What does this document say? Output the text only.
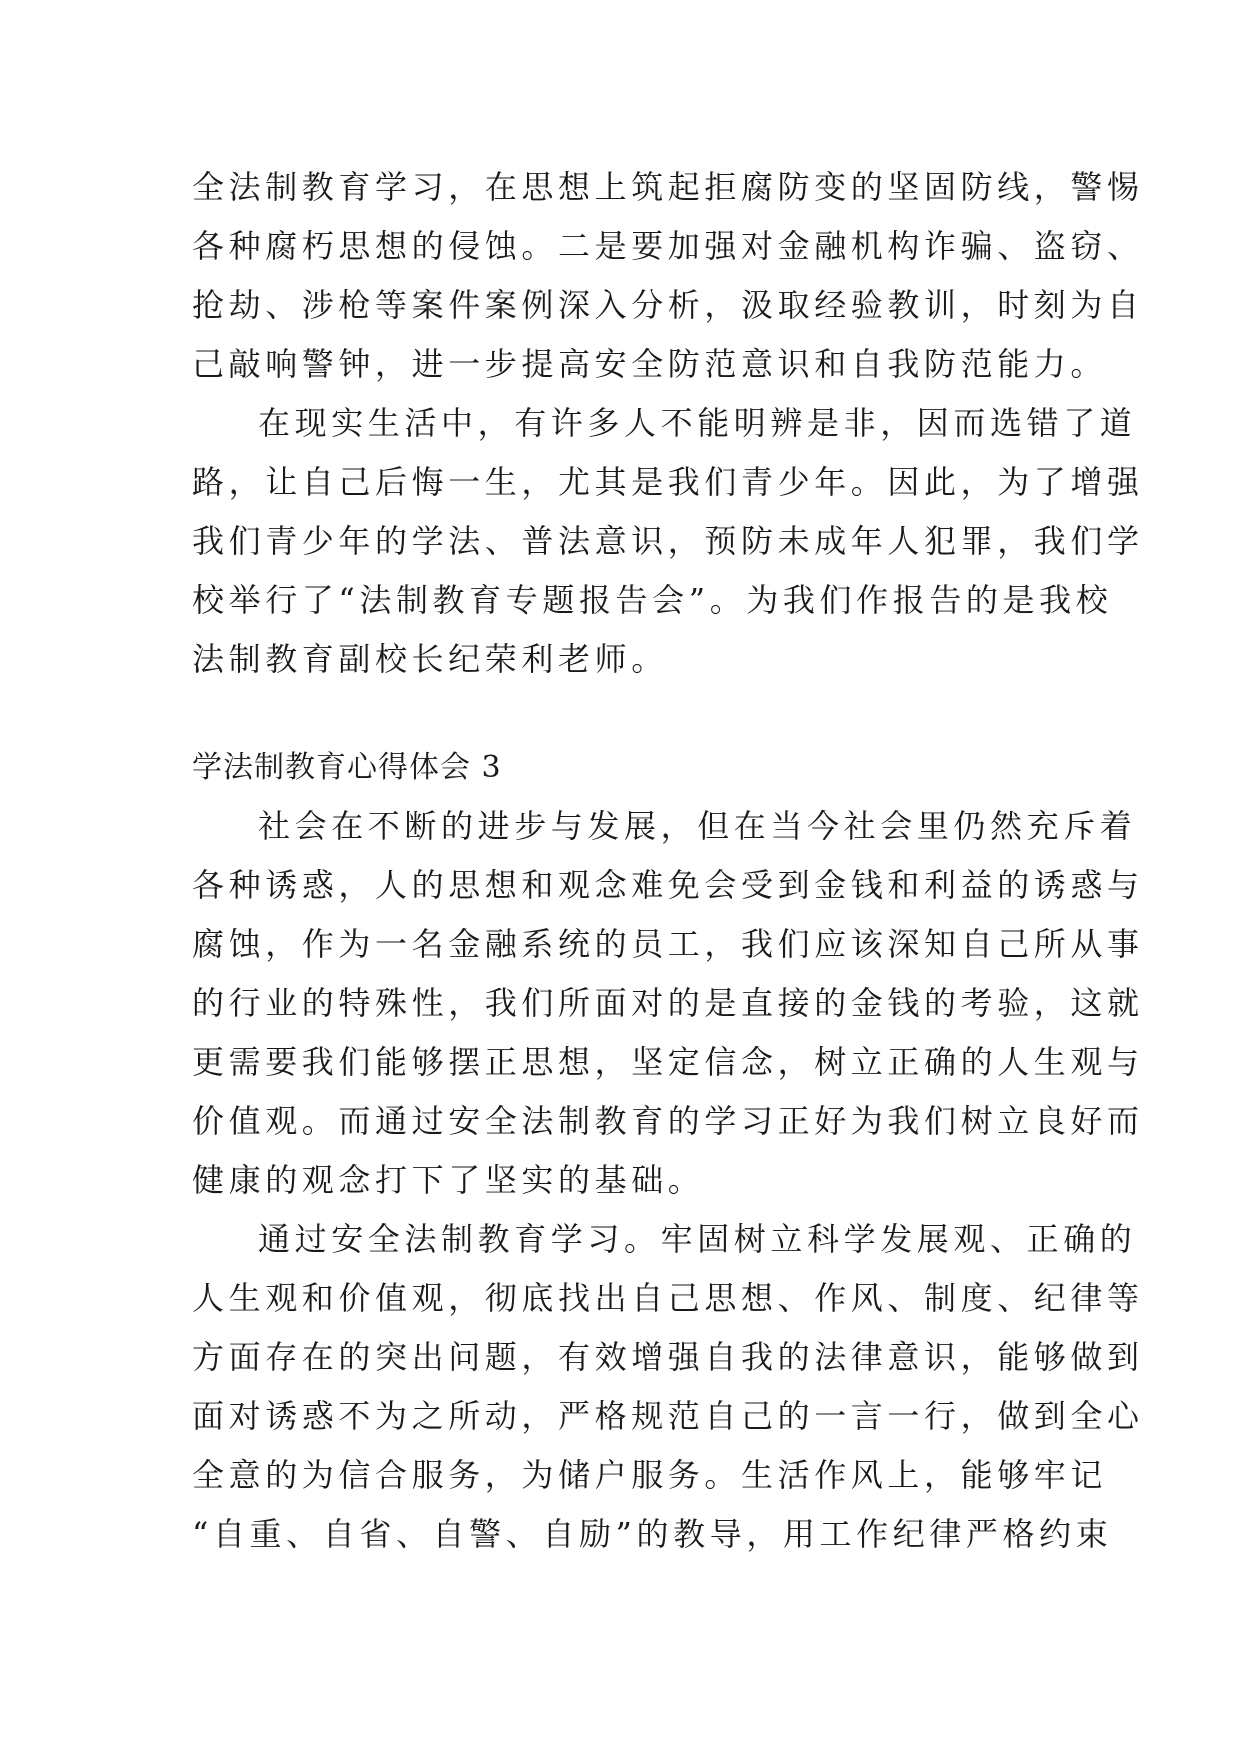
全法制教育学习，在思想上筑起拒腐防变的坚固防线，警惕
各种腐朽思想的侵蚀。二是要加强对金融机构诈骗、盗窃、
抢劫、涉枪等案件案例深入分析，汲取经验教训，时刻为自
己敲响警钟，进一步提高安全防范意识和自我防范能力。
在现实生活中，有许多人不能明辨是非，因而选错了道
路，让自己后悔一生，尤其是我们青少年。因此，为了增强
我们青少年的学法、普法意识，预防未成年人犯罪，我们学
校举行了“法制教育专题报告会”。为我们作报告的是我校
法制教育副校长纪荣利老师。
学法制教育心得体会 3
社会在不断的进步与发展，但在当今社会里仍然充斥着
各种诱惑，人的思想和观念难免会受到金钱和利益的诱惑与
腐蚀，作为一名金融系统的员工，我们应该深知自己所从事
的行业的特殊性，我们所面对的是直接的金钱的考验，这就
更需要我们能够摆正思想，坚定信念，树立正确的人生观与
价值观。而通过安全法制教育的学习正好为我们树立良好而
健康的观念打下了坚实的基础。
通过安全法制教育学习。牢固树立科学发展观、正确的
人生观和价值观，彻底找出自己思想、作风、制度、纪律等
方面存在的突出问题，有效增强自我的法律意识，能够做到
面对诱惑不为之所动，严格规范自己的一言一行，做到全心
全意的为信合服务，为储户服务。生活作风上，能够牢记
“自重、自省、自警、自励”的教导，用工作纪律严格约束
